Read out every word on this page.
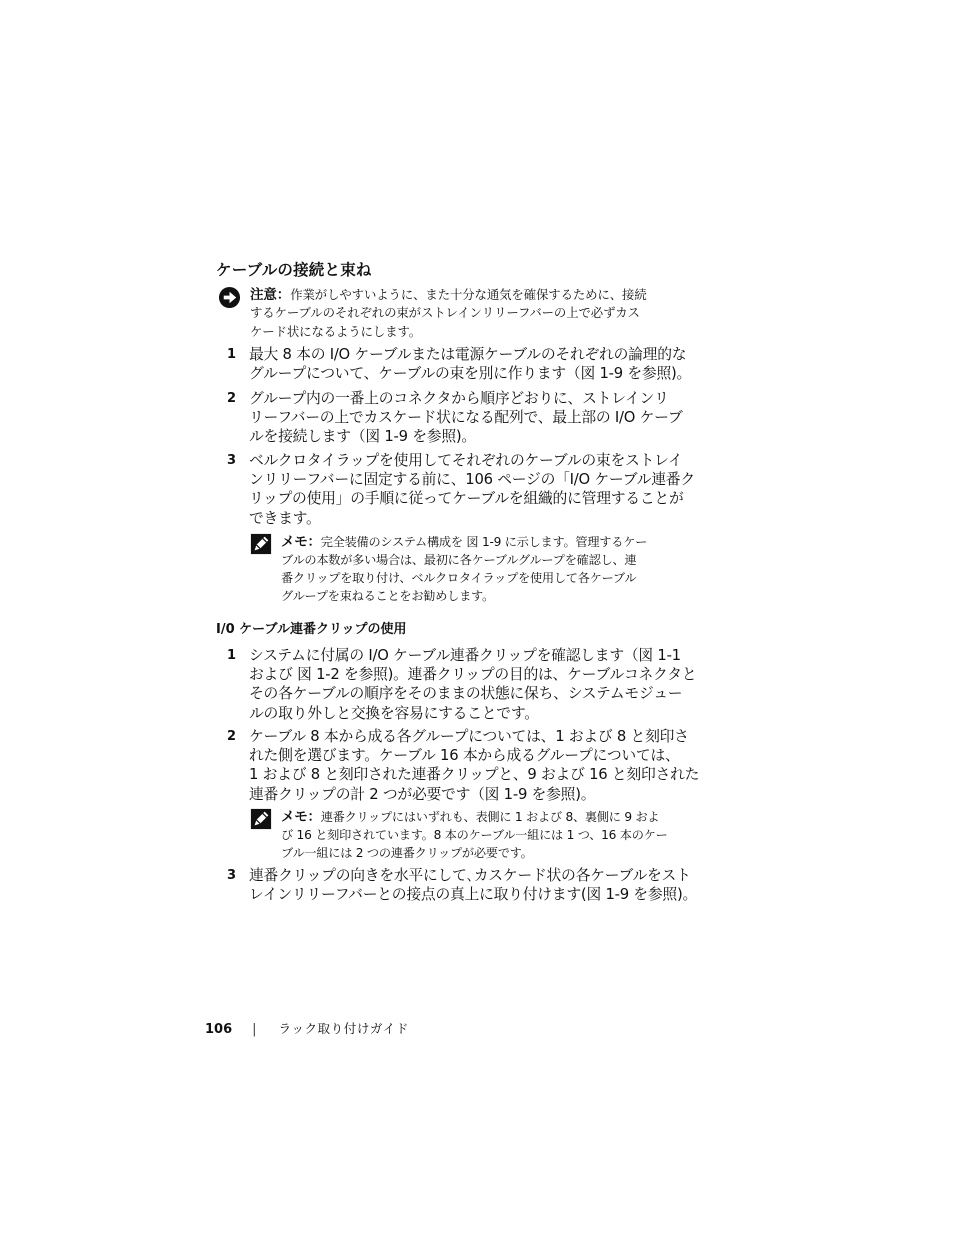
ケーブルの接続と束ね
注意：作業がしやすいように、また十分な通気を確保するために、接続
するケーブルのそれぞれの束がストレインリリーフバーの上で必ずカス
ケード状になるようにします。
1 最大 8 本の I/O ケーブルまたは電源ケーブルのそれぞれの論理的な
グループについて、ケーブルの束を別に作ります（図 1-9 を参照)。
2 グループ内の一番上のコネクタから順序どおりに、ストレインリ
リーフバーの上でカスケード状になる配列で、最上部の I/O ケーブ
ルを接続します（図 1-9 を参照)。
3 ベルクロタイラップを使用してそれぞれのケーブルの束をストレイ
ンリリーフバーに固定する前に、106 ページの「I/O ケーブル連番ク
リップの使用」の手順に従ってケーブルを組織的に管理することが
できます。
メモ：完全装備のシステム構成を 図 1-9 に示します。管理するケー
ブルの本数が多い場合は、最初に各ケーブルグループを確認し、連
番クリップを取り付け、ベルクロタイラップを使用して各ケーブル
グループを束ねることをお勧めします。
I/0 ケーブル連番クリップの使用
1 システムに付属の I/O ケーブル連番クリップを確認します（図 1-1
および 図 1-2 を参照)。連番クリップの目的は、ケーブルコネクタと
その各ケーブルの順序をそのままの状態に保ち、システムモジュー
ルの取り外しと交換を容易にすることです。
2 ケーブル 8 本から成る各グループについては、1 および 8 と刻印さ
れた側を選びます。ケーブル 16 本から成るグループについては、
1 および 8 と刻印された連番クリップと、9 および 16 と刻印された
連番クリップの計 2 つが必要です（図 1-9 を参照)。
メモ：連番クリップにはいずれも、表側に 1 および 8、裏側に 9 およ
び 16 と刻印されています。8 本のケーブル一組には 1 つ、16 本のケー
ブル一組には 2 つの連番クリップが必要です。
3 連番クリップの向きを水平にして､カスケード状の各ケーブルをスト
レインリリーフバーとの接点の真上に取り付けます(図 1-9 を参照)。
106 | ラック取り付けガイド
